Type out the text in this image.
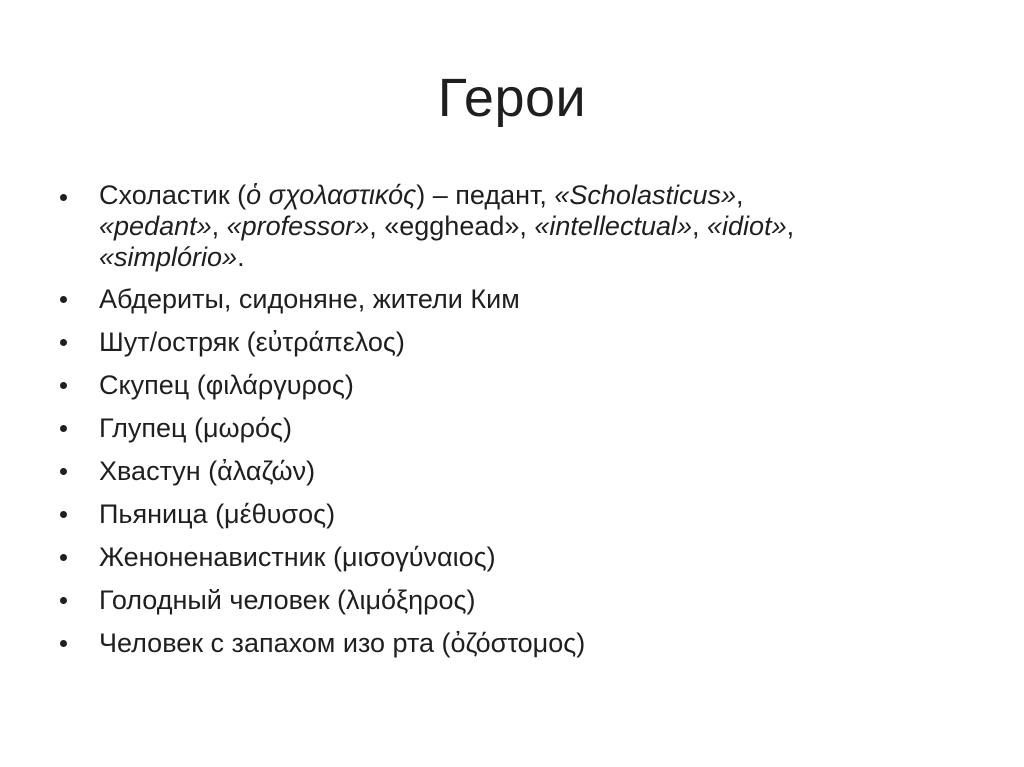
Герои
Схоластик (ὁ σχολαστικός) – педант, «Scholasticus»,
«pedant», «professor», «egghead», «intellectual», «idiot»,
«simplório».
Абдериты, сидоняне, жители Ким
Шут/остряк (εὐτράπελος)
Скупец (φιλάργυρος)
Глупец (μωρός)
Хвастун (ἀλαζών)
Пьяница (μέθυσος)
Женоненавистник (μισογύναιος)
Голодный человек (λιμόξηρος)
Человек с запахом изо рта (ὀζόστομος)
